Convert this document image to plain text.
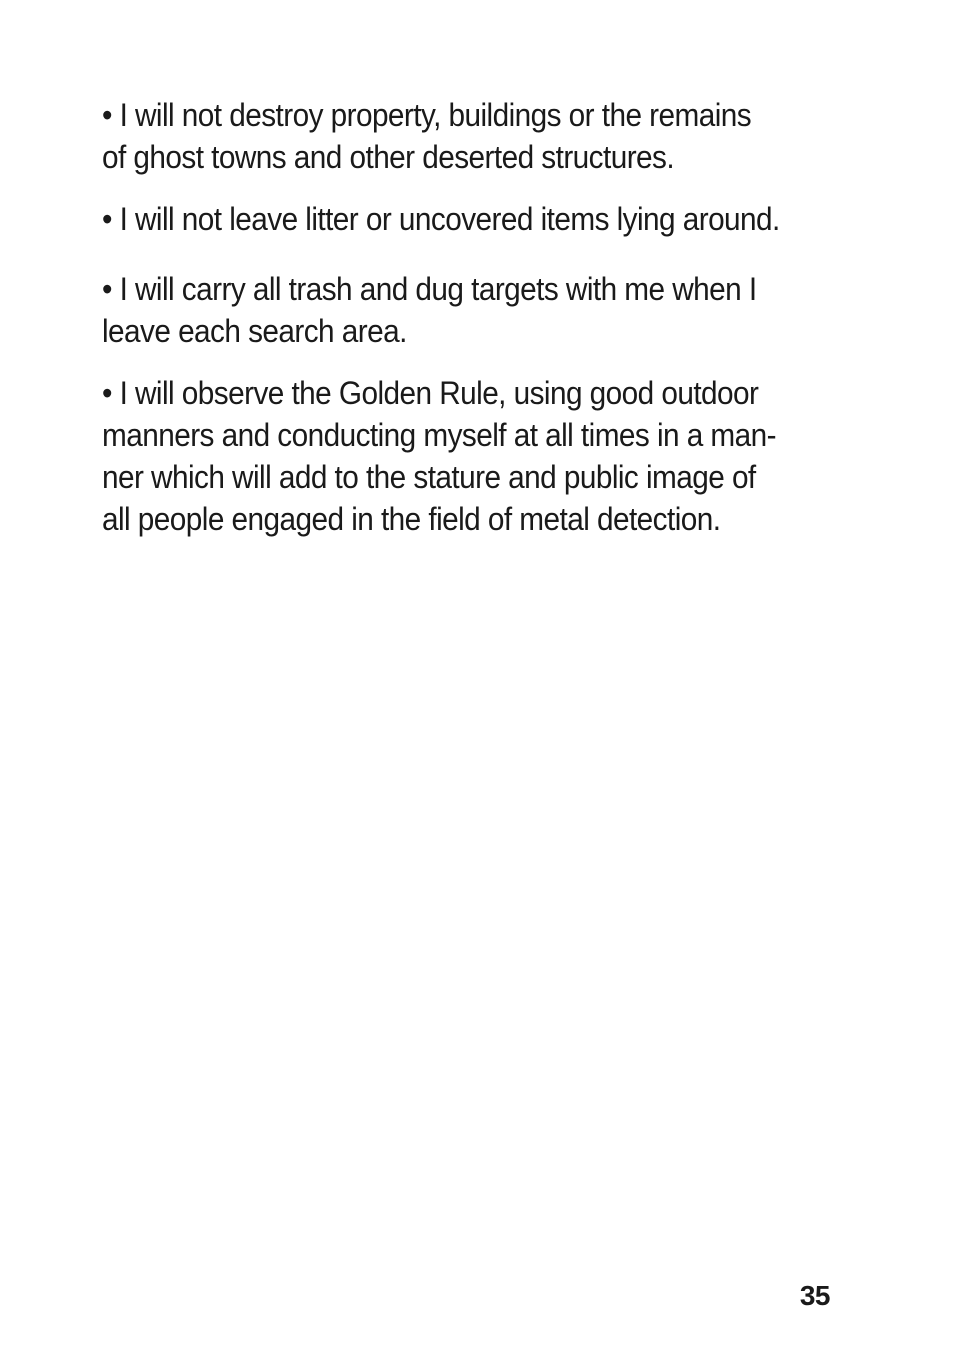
• I will not destroy property, buildings or the remains
of ghost towns and other deserted structures.
• I will not leave litter or uncovered items lying around.
• I will carry all trash and dug targets with me when I
leave each search area.
• I will observe the Golden Rule, using good outdoor
manners and conducting myself at all times in a man-
ner which will add to the stature and public image of
all people engaged in the field of metal detection.
35
